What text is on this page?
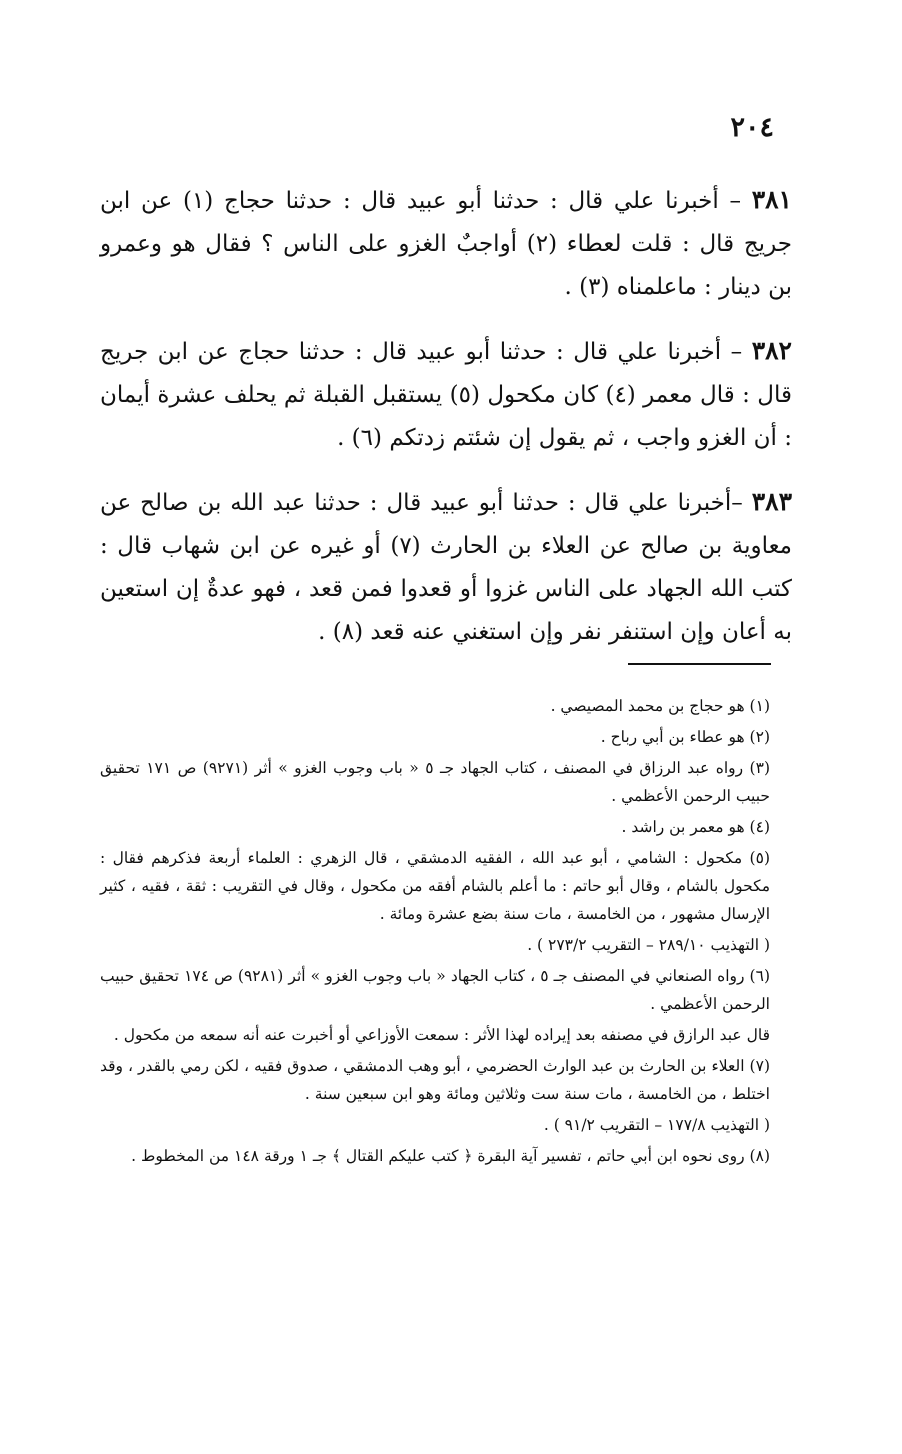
٢٠٤

٣٨١ – أخبرنا علي قال : حدثنا أبو عبيد قال : حدثنا حجاج (١) عن ابن جريج قال : قلت لعطاء (٢) أواجبٌ الغزو على الناس ؟ فقال هو وعمرو بن دينار : ماعلمناه (٣) .

٣٨٢ – أخبرنا علي قال : حدثنا أبو عبيد قال : حدثنا حجاج عن ابن جريج قال : قال معمر (٤) كان مكحول (٥) يستقبل القبلة ثم يحلف عشرة أيمان : أن الغزو واجب ، ثم يقول إن شئتم زدتكم (٦) .

٣٨٣ –أخبرنا علي قال : حدثنا أبو عبيد قال : حدثنا عبد الله بن صالح عن معاوية بن صالح عن العلاء بن الحارث (٧) أو غيره عن ابن شهاب قال : كتب الله الجهاد على الناس غزوا أو قعدوا فمن قعد ، فهو عدةٌ إن استعين به أعان وإن استنفر نفر وإن استغني عنه قعد (٨) .

(١) هو حجاج بن محمد المصيصي .

(٢) هو عطاء بن أبي رباح .

(٣) رواه عبد الرزاق في المصنف ، كتاب الجهاد جـ ٥ « باب وجوب الغزو » أثر (٩٢٧١) ص ١٧١ تحقيق حبيب الرحمن الأعظمي .

(٤) هو معمر بن راشد .

(٥) مكحول : الشامي ، أبو عبد الله ، الفقيه الدمشقي ، قال الزهري : العلماء أربعة فذكرهم فقال : مكحول بالشام ، وقال أبو حاتم : ما أعلم بالشام أفقه من مكحول ، وقال في التقريب : ثقة ، فقيه ، كثير الإرسال مشهور ، من الخامسة ، مات سنة بضع عشرة ومائة .

( التهذيب ٢٨٩/١٠ – التقريب ٢٧٣/٢ ) .

(٦) رواه الصنعاني في المصنف جـ ٥ ، كتاب الجهاد « باب وجوب الغزو » أثر (٩٢٨١) ص ١٧٤ تحقيق حبيب الرحمن الأعظمي .

قال عبد الرازق في مصنفه بعد إيراده لهذا الأثر : سمعت الأوزاعي أو أخبرت عنه أنه سمعه من مكحول .

(٧) العلاء بن الحارث بن عبد الوارث الحضرمي ، أبو وهب الدمشقي ، صدوق فقيه ، لكن رمي بالقدر ، وقد اختلط ، من الخامسة ، مات سنة ست وثلاثين ومائة وهو ابن سبعين سنة .

( التهذيب ١٧٧/٨ – التقريب ٩١/٢ ) .

(٨) روى نحوه ابن أبي حاتم ، تفسير آية البقرة ﴿ كتب عليكم القتال ﴾ جـ ١ ورقة ١٤٨ من المخطوط .
